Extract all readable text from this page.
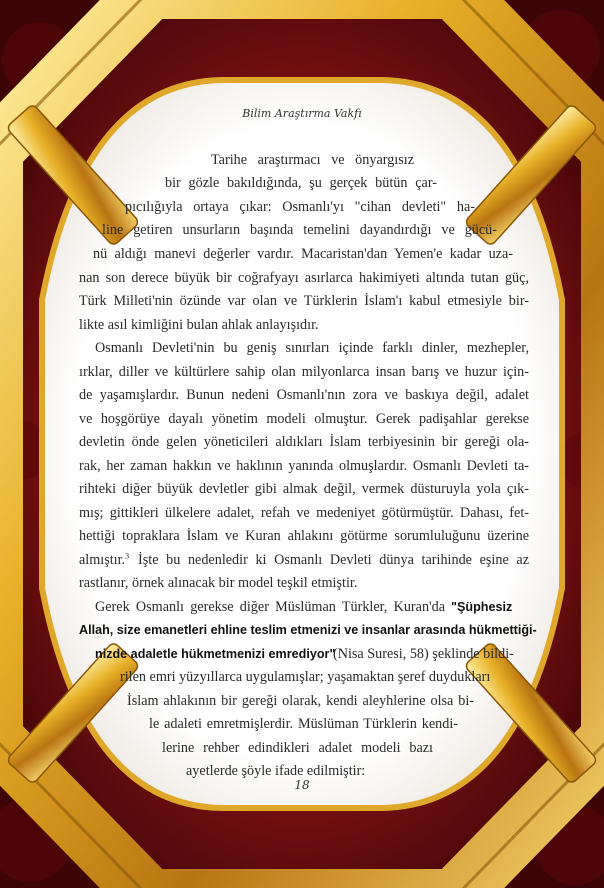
Bilim Araştırma Vakfı
Tarihe araştırmacı ve önyargısız
bir gözle bakıldığında, şu gerçek bütün çar-
pıcılığıyla ortaya çıkar: Osmanlı'yı "cihan devleti" ha-
line getiren unsurların başında temelini dayandırdığı ve gücü-
nü aldığı manevi değerler vardır. Macaristan'dan Yemen'e kadar uza-
nan son derece büyük bir coğrafyayı asırlarca hakimiyeti altında tutan güç,
Türk Milleti'nin özünde var olan ve Türklerin İslam'ı kabul etmesiyle bir-
likte asıl kimliğini bulan ahlak anlayışıdır.
Osmanlı Devleti'nin bu geniş sınırları içinde farklı dinler, mezhepler,
ırklar, diller ve kültürlere sahip olan milyonlarca insan barış ve huzur için-
de yaşamışlardır. Bunun nedeni Osmanlı'nın zora ve baskıya değil, adalet
ve hoşgörüye dayalı yönetim modeli olmuştur. Gerek padişahlar gerekse
devletin önde gelen yöneticileri aldıkları İslam terbiyesinin bir gereği ola-
rak, her zaman hakkın ve haklının yanında olmuşlardır. Osmanlı Devleti ta-
rihteki diğer büyük devletler gibi almak değil, vermek düsturuyla yola çık-
mış; gittikleri ülkelere adalet, refah ve medeniyet götürmüştür. Dahası, fet-
hettiği topraklara İslam ve Kuran ahlakını götürme sorumluluğunu üzerine
almıştır.$^3$ İşte bu nedenledir ki Osmanlı Devleti dünya tarihinde eşine az
rastlanır, örnek alınacak bir model teşkil etmiştir.
Gerek Osmanlı gerekse diğer Müslüman Türkler, Kuran'da "Şüphesiz
Allah, size emanetleri ehline teslim etmenizi ve insanlar arasında hükmettiği-
nizde adaletle hükmetmenizi emrediyor"
(Nisa Suresi, 58) şeklinde bildi-
rilen emri yüzyıllarca uygulamışlar; yaşamaktan şeref duydukları
İslam ahlakının bir gereği olarak, kendi aleyhlerine olsa bi-
le adaleti emretmişlerdir. Müslüman Türklerin kendi-
lerine rehber edindikleri adalet modeli bazı
ayetlerde şöyle ifade edilmiştir:
18
